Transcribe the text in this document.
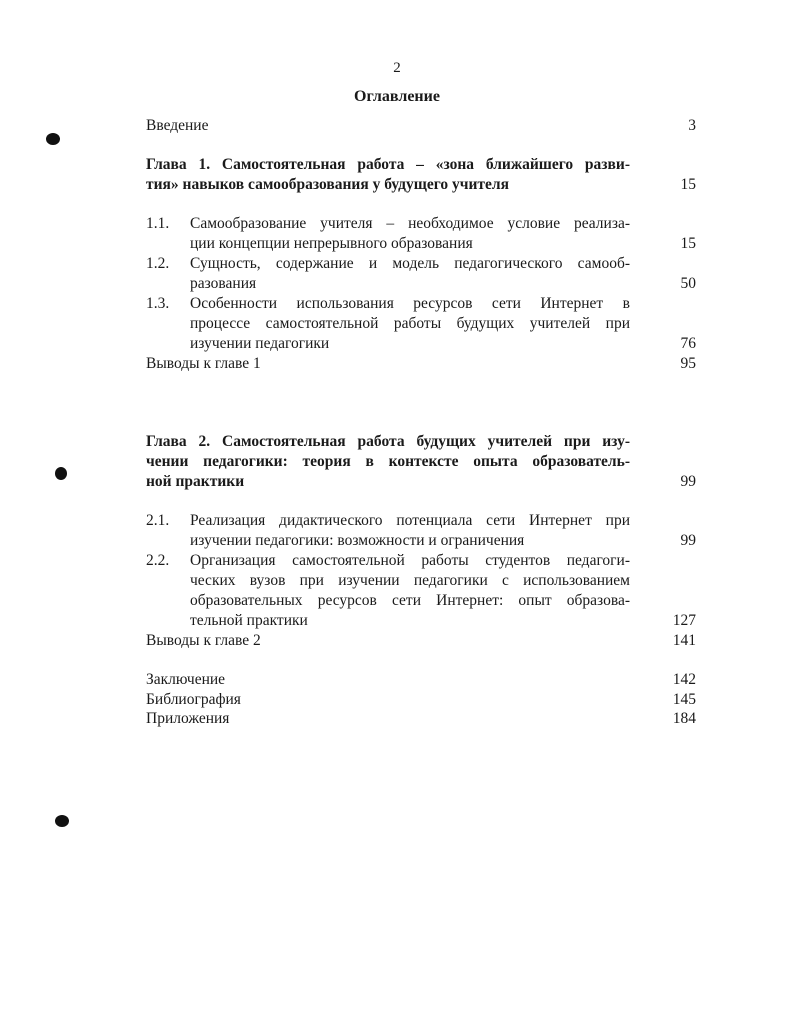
2
Оглавление
Введение	3
Глава 1. Самостоятельная работа – «зона ближайшего разви-
тия» навыков самообразования у будущего учителя	15
1.1. Самообразование учителя – необходимое условие реализа-
ции концепции непрерывного образования	15
1.2. Сущность, содержание и модель педагогического самооб-
разования	50
1.3. Особенности использования ресурсов сети Интернет в
процессе самостоятельной работы будущих учителей при
изучении педагогики	76
Выводы к главе 1	95
Глава 2. Самостоятельная работа будущих учителей при изу-
чении педагогики: теория в контексте опыта образователь-
ной практики	99
2.1. Реализация дидактического потенциала сети Интернет при
изучении педагогики: возможности и ограничения	99
2.2. Организация самостоятельной работы студентов педагоги-
ческих вузов при изучении педагогики с использованием
образовательных ресурсов сети Интернет: опыт образова-
тельной практики	127
Выводы к главе 2	141
Заключение	142
Библиография	145
Приложения	184
